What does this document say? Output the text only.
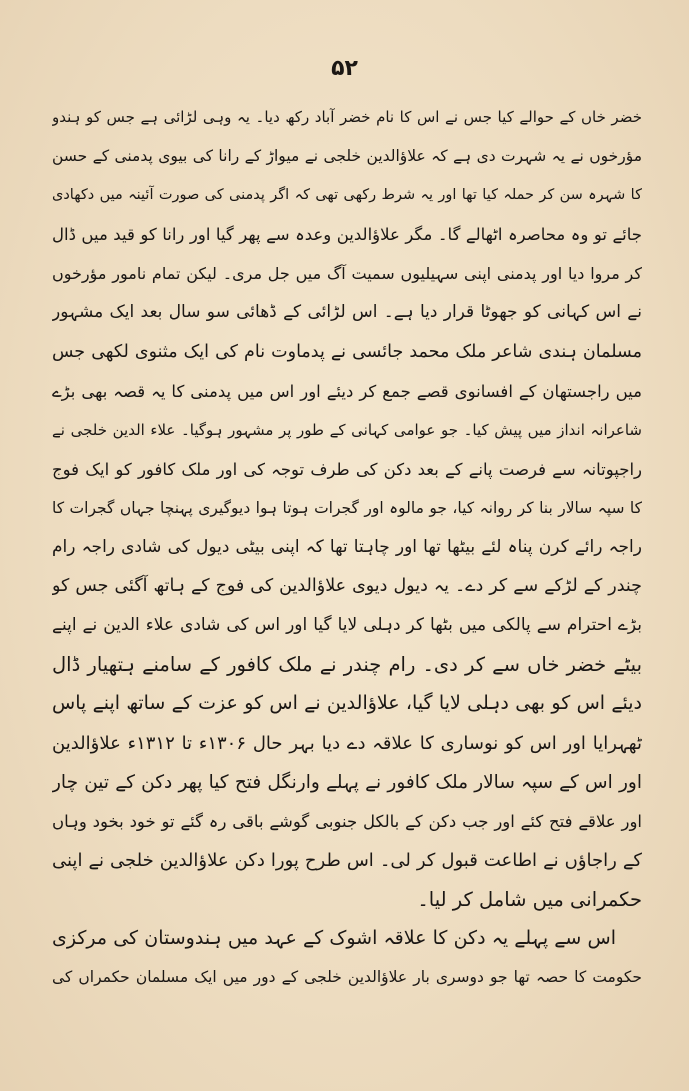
۵۲
خضر خاں کے حوالے کیا جس نے اس کا نام خضر آباد رکھ دیا۔ یہ وہی لڑائی ہے جس کو ہندو
مؤرخوں نے یہ شہرت دی ہے کہ علاؤالدین خلجی نے میواڑ کے رانا کی بیوی پدمنی کے حسن
کا شہرہ سن کر حملہ کیا تھا اور یہ شرط رکھی تھی کہ اگر پدمنی کی صورت آئینہ میں دکھادی
جائے تو وہ محاصرہ اٹھالے گا۔ مگر علاؤالدین وعدہ سے پھر گیا اور رانا کو قید میں ڈال
کر مروا دیا اور پدمنی اپنی سہیلیوں سمیت آگ میں جل مری۔ لیکن تمام نامور مؤرخوں
نے اس کہانی کو جھوٹا قرار دیا ہے۔ اس لڑائی کے ڈھائی سو سال بعد ایک مشہور
مسلمان ہندی شاعر ملک محمد جائسی نے پدماوت نام کی ایک مثنوی لکھی جس
میں راجستھان کے افسانوی قصے جمع کر دیئے اور اس میں پدمنی کا یہ قصہ بھی بڑے
شاعرانہ انداز میں پیش کیا۔ جو عوامی کہانی کے طور پر مشہور ہوگیا۔ علاء الدین خلجی نے
راجپوتانہ سے فرصت پانے کے بعد دکن کی طرف توجہ کی اور ملک کافور کو ایک فوج
کا سپہ سالار بنا کر روانہ کیا، جو مالوہ اور گجرات ہوتا ہوا دیوگیری پہنچا جہاں گجرات کا
راجہ رائے کرن پناہ لئے بیٹھا تھا اور چاہتا تھا کہ اپنی بیٹی دیول کی شادی راجہ رام
چندر کے لڑکے سے کر دے۔ یہ دیول دیوی علاؤالدین کی فوج کے ہاتھ آگئی جس کو
بڑے احترام سے پالکی میں بٹھا کر دہلی لایا گیا اور اس کی شادی علاء الدین نے اپنے
بیٹے خضر خاں سے کر دی۔ رام چندر نے ملک کافور کے سامنے ہتھیار ڈال
دیئے اس کو بھی دہلی لایا گیا، علاؤالدین نے اس کو عزت کے ساتھ اپنے پاس
ٹھہرایا اور اس کو نوساری کا علاقہ دے دیا بہر حال ۱۳۰۶ء تا ۱۳۱۲ء علاؤالدین
اور اس کے سپہ سالار ملک کافور نے پہلے وارنگل فتح کیا پھر دکن کے تین چار
اور علاقے فتح کئے اور جب دکن کے بالکل جنوبی گوشے باقی رہ گئے تو خود بخود وہاں
کے راجاؤں نے اطاعت قبول کر لی۔ اس طرح پورا دکن علاؤالدین خلجی نے اپنی
حکمرانی میں شامل کر لیا۔
اس سے پہلے یہ دکن کا علاقہ اشوک کے عہد میں ہندوستان کی مرکزی
حکومت کا حصہ تھا جو دوسری بار علاؤالدین خلجی کے دور میں ایک مسلمان حکمراں کی
